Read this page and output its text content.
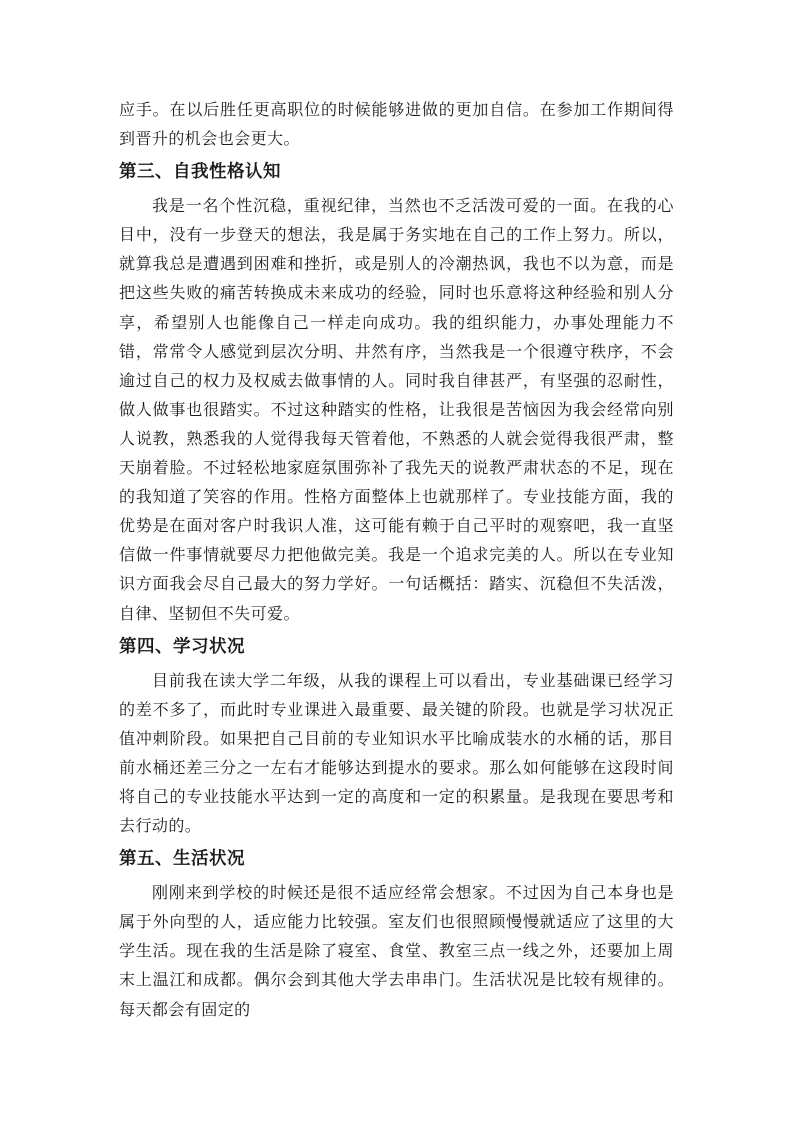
应手。在以后胜任更高职位的时候能够进做的更加自信。在参加工作期间得到晋升的机会也会更大。

第三、自我性格认知

我是一名个性沉稳，重视纪律，当然也不乏活泼可爱的一面。在我的心目中，没有一步登天的想法，我是属于务实地在自己的工作上努力。所以，就算我总是遭遇到困难和挫折，或是别人的冷潮热讽，我也不以为意，而是把这些失败的痛苦转换成未来成功的经验，同时也乐意将这种经验和别人分享，希望别人也能像自己一样走向成功。我的组织能力，办事处理能力不错，常常令人感觉到层次分明、井然有序，当然我是一个很遵守秩序，不会逾过自己的权力及权威去做事情的人。同时我自律甚严，有坚强的忍耐性，做人做事也很踏实。不过这种踏实的性格，让我很是苦恼因为我会经常向别人说教，熟悉我的人觉得我每天管着他，不熟悉的人就会觉得我很严肃，整天崩着脸。不过轻松地家庭氛围弥补了我先天的说教严肃状态的不足，现在的我知道了笑容的作用。性格方面整体上也就那样了。专业技能方面，我的优势是在面对客户时我识人准，这可能有赖于自己平时的观察吧，我一直坚信做一件事情就要尽力把他做完美。我是一个追求完美的人。所以在专业知识方面我会尽自己最大的努力学好。一句话概括：踏实、沉稳但不失活泼，自律、坚韧但不失可爱。

第四、学习状况

目前我在读大学二年级，从我的课程上可以看出，专业基础课已经学习的差不多了，而此时专业课进入最重要、最关键的阶段。也就是学习状况正值冲刺阶段。如果把自己目前的专业知识水平比喻成装水的水桶的话，那目前水桶还差三分之一左右才能够达到提水的要求。那么如何能够在这段时间将自己的专业技能水平达到一定的高度和一定的积累量。是我现在要思考和去行动的。

第五、生活状况

刚刚来到学校的时候还是很不适应经常会想家。不过因为自己本身也是属于外向型的人，适应能力比较强。室友们也很照顾慢慢就适应了这里的大学生活。现在我的生活是除了寝室、食堂、教室三点一线之外，还要加上周末上温江和成都。偶尔会到其他大学去串串门。生活状况是比较有规律的。每天都会有固定的
